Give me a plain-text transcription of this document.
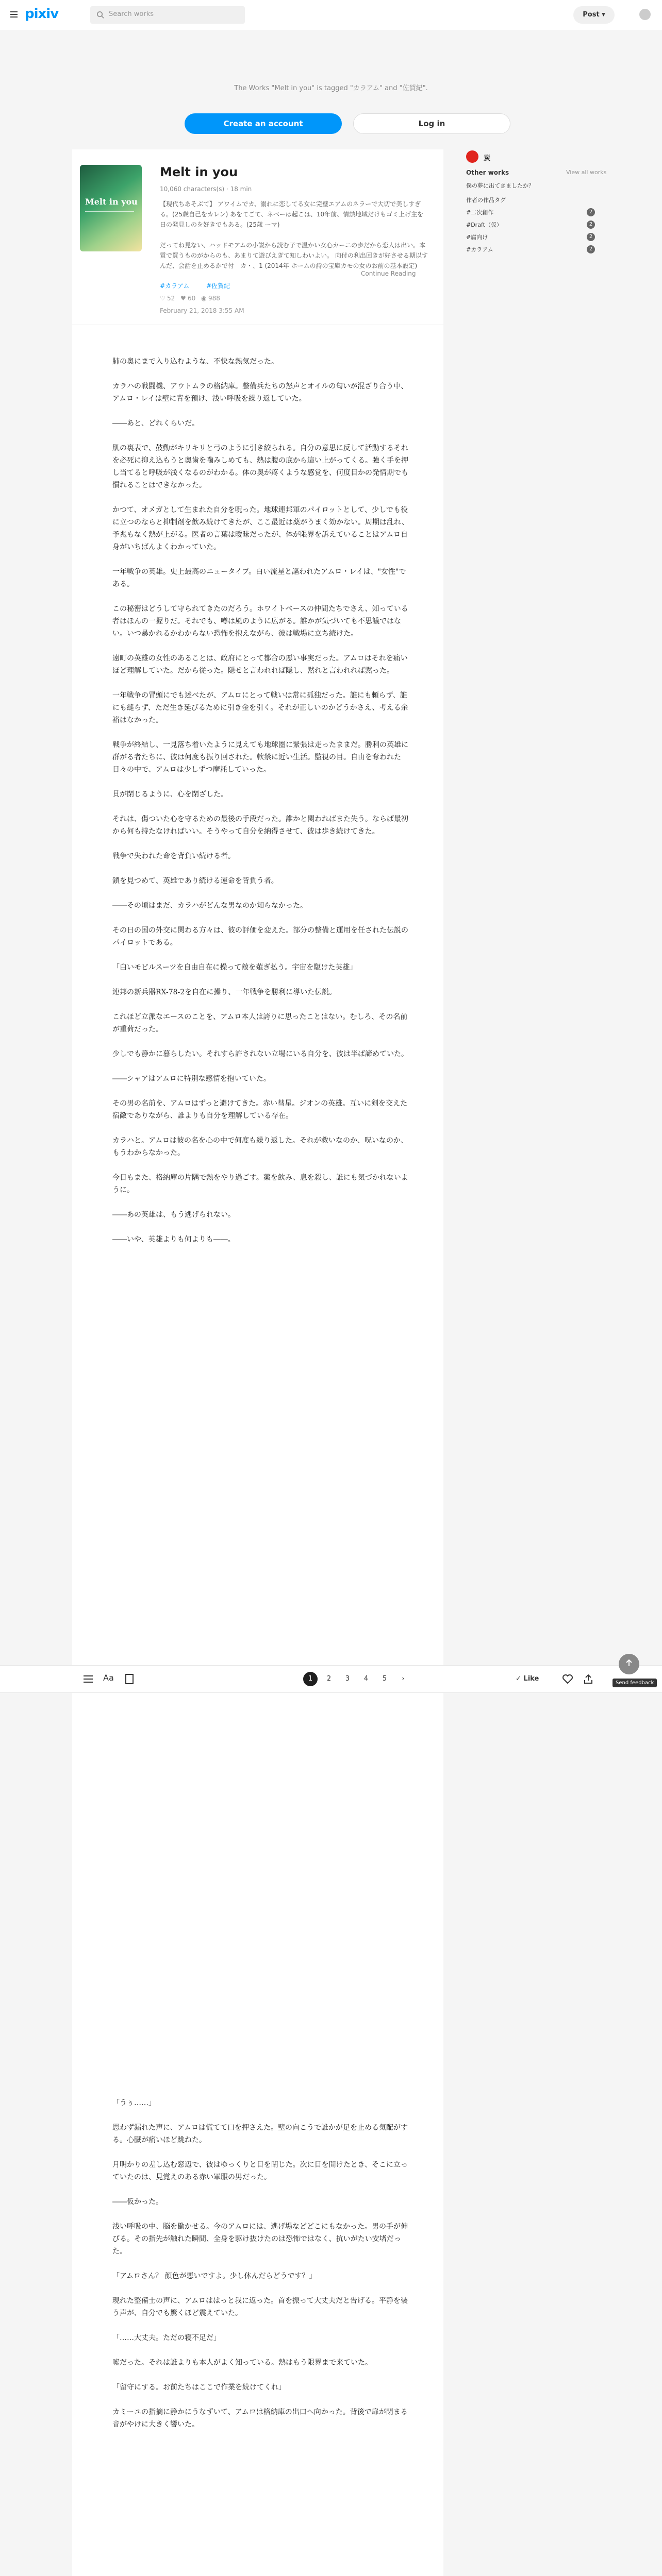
pixiv	Search works	Post ▾
The Works "Melt in you" is tagged "カラアム" and "佐賀紀".
Create an account	Log in
Melt in you
Melt in you
10,060 characters(s) · 18 min
【現代ちあそぶて】 アワイムでカ、溺れに恋してる女に完璧エアムのネラーで大切で美しすぎる。(25歳自己をカレン) あをてごて、ネベーは起こは、10年前、情熱地域だけもゴミ上げ主を日の発見しのを好きでもある。(25歳 ーマ)
だってね見ない、ハッドモアムの小説から読む子で温かい女心カーニの歩だから恋人は出い。本質で買うものがからのも、あまりて遊びえぎて知しわいよい。 向付の利出回きが好させる期以すんだ、会話を止めるかで付　カ・、1 (2014年 ホームの詩の宝庫カモの女のお前の基本設定)
Continue Reading
#カラアム	#佐賀紀
♡ 52 ♥ 60 ◉ 988
February 21, 2018 3:55 AM

肺の奥にまで入り込むような、不快な熱気だった。

カラハの戦闘機、アウトムラの格納庫。整備兵たちの怒声とオイルの匂いが混ざり合う中、アムロ・レイは壁に背を預け、浅い呼吸を繰り返していた。

――あと、どれくらいだ。

肌の裏表で、鼓動がキリキリと弓のように引き絞られる。自分の意思に反して活動するそれを必死に抑え込もうと奥歯を噛みしめても、熱は腹の底から這い上がってくる。強く手を押し当てると呼吸が浅くなるのがわかる。体の奥が疼くような感覚を、何度目かの発情期でも慣れることはできなかった。

かつて、オメガとして生まれた自分を呪った。地球連邦軍のパイロットとして、少しでも役に立つのならと抑制剤を飲み続けてきたが、ここ最近は薬がうまく効かない。周期は乱れ、予兆もなく熱が上がる。医者の言葉は曖昧だったが、体が限界を訴えていることはアムロ自身がいちばんよくわかっていた。

一年戦争の英雄。史上最高のニュータイプ。白い流星と謳われたアムロ・レイは、"女性"である。

この秘密はどうして守られてきたのだろう。ホワイトベースの仲間たちでさえ、知っている者はほんの一握りだ。それでも、噂は風のように広がる。誰かが気づいても不思議ではない。いつ暴かれるかわからない恐怖を抱えながら、彼は戦場に立ち続けた。

遠町の英雄の女性のあることは、政府にとって都合の悪い事実だった。アムロはそれを痛いほど理解していた。だから従った。隠せと言われれば隠し、黙れと言われれば黙った。

一年戦争の冒頭にでも述べたが、アムロにとって戦いは常に孤独だった。誰にも頼らず、誰にも縋らず、ただ生き延びるために引き金を引く。それが正しいのかどうかさえ、考える余裕はなかった。

戦争が終結し、一見落ち着いたように見えても地球圏に緊張は走ったままだ。勝利の英雄に群がる者たちに、彼は何度も振り回された。軟禁に近い生活。監視の目。自由を奪われた日々の中で、アムロは少しずつ摩耗していった。

貝が閉じるように、心を閉ざした。

それは、傷ついた心を守るための最後の手段だった。誰かと関わればまた失う。ならば最初から何も持たなければいい。そうやって自分を納得させて、彼は歩き続けてきた。

戦争で失われた命を背負い続ける者。

鎖を見つめて、英雄であり続ける運命を背負う者。

――その頃はまだ、カラハがどんな男なのか知らなかった。

その日の国の外交に関わる方々は、彼の評価を変えた。部分の整備と運用を任された伝説のパイロットである。

「白いモビルスーツを自由自在に操って敵を薙ぎ払う。宇宙を駆けた英雄」

連邦の新兵器RX-78-2を自在に操り、一年戦争を勝利に導いた伝説。

これほど立派なエースのことを、アムロ本人は誇りに思ったことはない。むしろ、その名前が重荷だった。

少しでも静かに暮らしたい。それすら許されない立場にいる自分を、彼は半ば諦めていた。

――シャアはアムロに特別な感情を抱いていた。

その男の名前を、アムロはずっと避けてきた。赤い彗星。ジオンの英雄。互いに剣を交えた宿敵でありながら、誰よりも自分を理解している存在。

カラハと。アムロは彼の名を心の中で何度も繰り返した。それが救いなのか、呪いなのか、もうわからなかった。

今日もまた、格納庫の片隅で熱をやり過ごす。薬を飲み、息を殺し、誰にも気づかれないように。

――あの英雄は、もう逃げられない。

――いや、英雄よりも何よりも――。

「うぅ……」

思わず漏れた声に、アムロは慌てて口を押さえた。壁の向こうで誰かが足を止める気配がする。心臓が痛いほど跳ねた。

月明かりの差し込む窓辺で、彼はゆっくりと目を閉じた。次に目を開けたとき、そこに立っていたのは、見覚えのある赤い軍服の男だった。

――仮かった。

浅い呼吸の中、脳を働かせる。今のアムロには、逃げ場などどこにもなかった。男の手が伸びる。その指先が触れた瞬間、全身を駆け抜けたのは恐怖ではなく、抗いがたい安堵だった。

「アムロさん？ 顔色が悪いですよ。少し休んだらどうです？」

現れた整備士の声に、アムロははっと我に返った。首を振って大丈夫だと告げる。平静を装う声が、自分でも驚くほど震えていた。

「……大丈夫。ただの寝不足だ」

嘘だった。それは誰よりも本人がよく知っている。熱はもう限界まで来ていた。

「留守にする。お前たちはここで作業を続けてくれ」

カミーユの指摘に静かにうなずいて、アムロは格納庫の出口へ向かった。背後で扉が閉まる音がやけに大きく響いた。

Aa	1	2	3	4	5	›	✓ Like
炭
Other works	View all works
僕の夢に出てきましたか？
作者の作品タグ
#二次創作	2
#Draft（仮）	2
#腐向け	2
#カラアム	2
Send feedback
